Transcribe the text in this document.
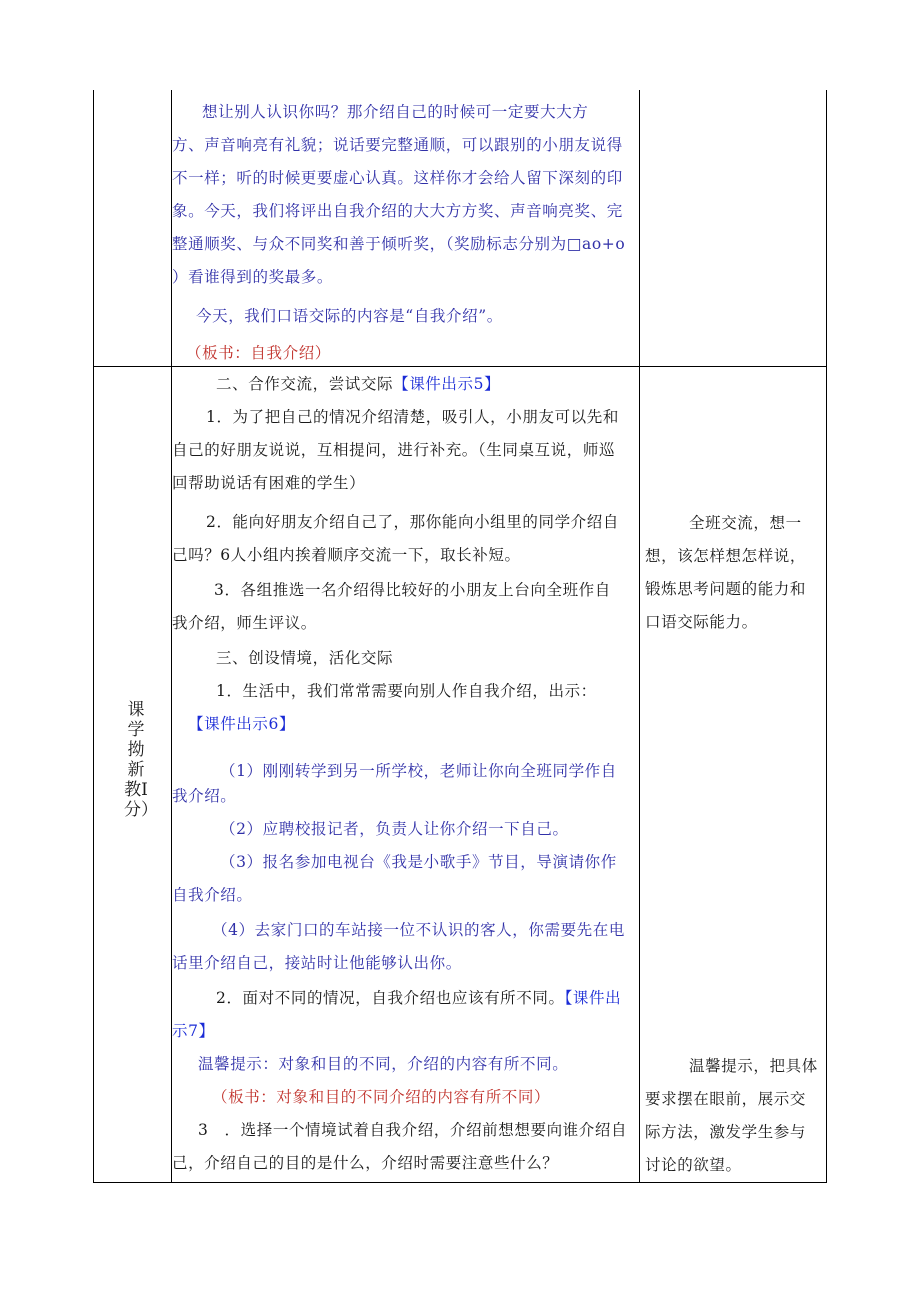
想让别人认识你吗？那介绍自己的时候可一定要大大方
方、声音响亮有礼貌；说话要完整通顺，可以跟别的小朋友说得
不一样；听的时候更要虚心认真。这样你才会给人留下深刻的印
象。今天，我们将评出自我介绍的大大方方奖、声音响亮奖、完
整通顺奖、与众不同奖和善于倾听奖，（奖励标志分别为□ao+o
）看谁得到的奖最多。
今天，我们口语交际的内容是“自我介绍”。
（板书：自我介绍）
课学拗新教I分）
二、合作交流，尝试交际【课件出示5】
1．为了把自己的情况介绍清楚，吸引人，小朋友可以先和
自己的好朋友说说，互相提问，进行补充。（生同桌互说，师巡
回帮助说话有困难的学生）
2．能向好朋友介绍自己了，那你能向小组里的同学介绍自
己吗？6人小组内挨着顺序交流一下，取长补短。
3．各组推选一名介绍得比较好的小朋友上台向全班作自
我介绍，师生评议。
三、创设情境，活化交际
1．生活中，我们常常需要向别人作自我介绍，出示：
【课件出示6】
（1）刚刚转学到另一所学校，老师让你向全班同学作自
我介绍。
（2）应聘校报记者，负责人让你介绍一下自己。
（3）报名参加电视台《我是小歌手》节目，导演请你作
自我介绍。
（4）去家门口的车站接一位不认识的客人，你需要先在电
话里介绍自己，接站时让他能够认出你。
2．面对不同的情况，自我介绍也应该有所不同。【课件出
示7】
温馨提示：对象和目的不同，介绍的内容有所不同。
（板书：对象和目的不同介绍的内容有所不同）
3　．选择一个情境试着自我介绍，介绍前想想要向谁介绍自
己，介绍自己的目的是什么，介绍时需要注意些什么？
全班交流，想一想，该怎样想怎样说，锻炼思考问题的能力和口语交际能力。
温馨提示，把具体要求摆在眼前，展示交际方法，激发学生参与讨论的欲望。
